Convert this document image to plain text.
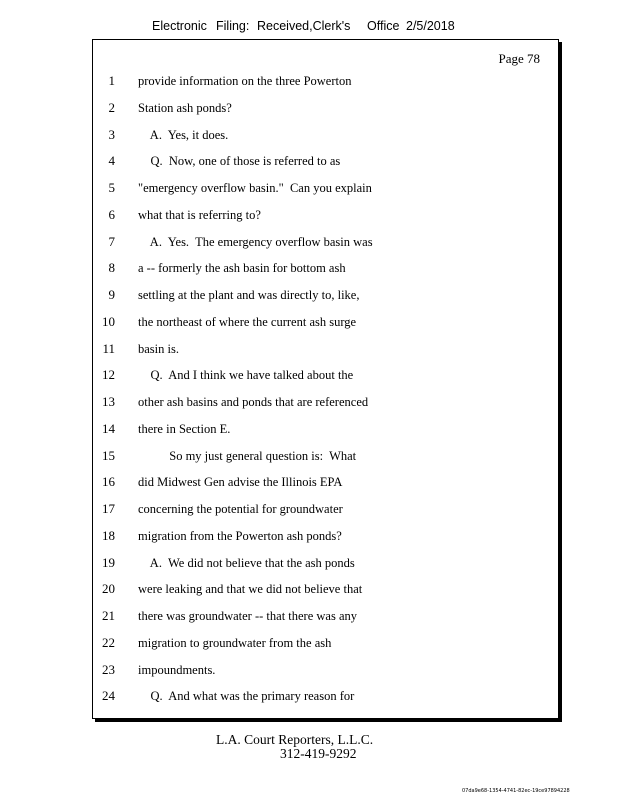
Electronic Filing: Received,Clerk's Office 2/5/2018
Page 78
1
2
3
4
5
6
7
8
9
10
11
12
13
14
15
16
17
18
19
20
21
22
23
24
provide information on the three Powerton
Station ash ponds?
A.  Yes, it does.
Q.  Now, one of those is referred to as
"emergency overflow basin."  Can you explain
what that is referring to?
A.  Yes.  The emergency overflow basin was
a -- formerly the ash basin for bottom ash
settling at the plant and was directly to, like,
the northeast of where the current ash surge
basin is.
Q.  And I think we have talked about the
other ash basins and ponds that are referenced
there in Section E.
So my just general question is:  What
did Midwest Gen advise the Illinois EPA
concerning the potential for groundwater
migration from the Powerton ash ponds?
A.  We did not believe that the ash ponds
were leaking and that we did not believe that
there was groundwater -- that there was any
migration to groundwater from the ash
impoundments.
Q.  And what was the primary reason for
L.A. Court Reporters, L.L.C.
312-419-9292
07da9e68-1354-4741-82ec-19ce97894228
